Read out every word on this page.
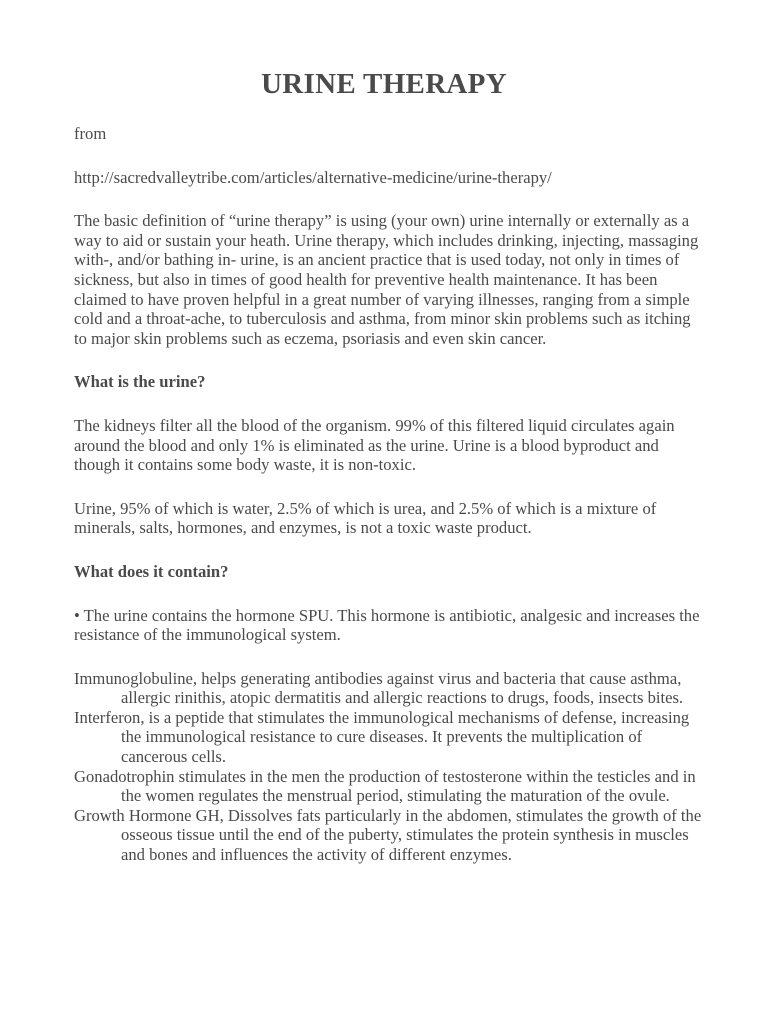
URINE THERAPY

from

http://sacredvalleytribe.com/articles/alternative-medicine/urine-therapy/

The basic definition of “urine therapy” is using (your own) urine internally or externally as a way to aid or sustain your heath. Urine therapy, which includes drinking, injecting, massaging with-, and/or bathing in- urine, is an ancient practice that is used today, not only in times of sickness, but also in times of good health for preventive health maintenance. It has been claimed to have proven helpful in a great number of varying illnesses, ranging from a simple cold and a throat-ache, to tuberculosis and asthma, from minor skin problems such as itching to major skin problems such as eczema, psoriasis and even skin cancer.

What is the urine?

The kidneys filter all the blood of the organism. 99% of this filtered liquid circulates again around the blood and only 1% is eliminated as the urine. Urine is a blood byproduct and though it contains some body waste, it is non-toxic.

Urine, 95% of which is water, 2.5% of which is urea, and 2.5% of which is a mixture of minerals, salts, hormones, and enzymes, is not a toxic waste product.

What does it contain?

• The urine contains the hormone SPU. This hormone is antibiotic, analgesic and increases the resistance of the immunological system.

Immunoglobuline, helps generating antibodies against virus and bacteria that cause asthma, allergic rinithis, atopic dermatitis and allergic reactions to drugs, foods, insects bites.
Interferon, is a peptide that stimulates the immunological mechanisms of defense, increasing the immunological resistance to cure diseases. It prevents the multiplication of cancerous cells.
Gonadotrophin stimulates in the men the production of testosterone within the testicles and in the women regulates the menstrual period, stimulating the maturation of the ovule.
Growth Hormone GH, Dissolves fats particularly in the abdomen, stimulates the growth of the osseous tissue until the end of the puberty, stimulates the protein synthesis in muscles and bones and influences the activity of different enzymes.
